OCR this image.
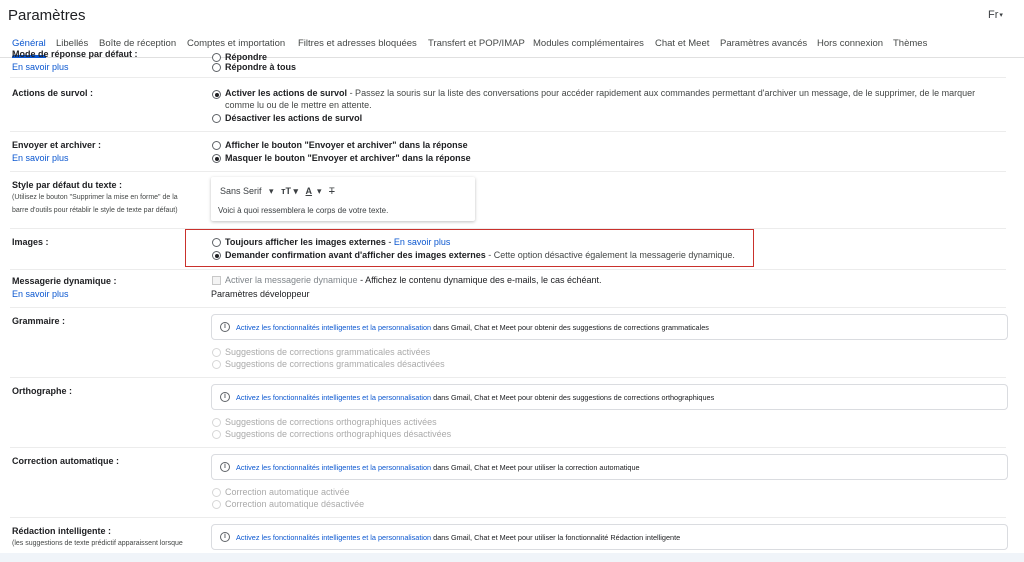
Paramètres	Fr▾
Général Libellés Boîte de réception Comptes et importation Filtres et adresses bloquées Transfert et POP/IMAP Modules complémentaires Chat et Meet Paramètres avancés Hors connexion Thèmes
Mode de réponse par défaut :
En savoir plus
Répondre
Répondre à tous
Actions de survol :	Activer les actions de survol - Passez la souris sur la liste des conversations pour accéder rapidement aux commandes permettant d'archiver un message, de le supprimer, de le marquer
comme lu ou de le mettre en attente.
Désactiver les actions de survol
Envoyer et archiver :
En savoir plus
Afficher le bouton "Envoyer et archiver" dans la réponse
Masquer le bouton "Envoyer et archiver" dans la réponse
Style par défaut du texte :
(Utilisez le bouton "Supprimer la mise en forme" de la
barre d'outils pour rétablir le style de texte par défaut)
Sans Serif ▾ тT ▾ A ▾ T
Voici à quoi ressemblera le corps de votre texte.
Images :	Toujours afficher les images externes - En savoir plus
Demander confirmation avant d'afficher des images externes - Cette option désactive également la messagerie dynamique.
Messagerie dynamique :
En savoir plus
Activer la messagerie dynamique - Affichez le contenu dynamique des e-mails, le cas échéant.
Paramètres développeur
Grammaire :
i	Activez les fonctionnalités intelligentes et la personnalisation dans Gmail, Chat et Meet pour obtenir des suggestions de corrections grammaticales
Suggestions de corrections grammaticales activées
Suggestions de corrections grammaticales désactivées
Orthographe :
i	Activez les fonctionnalités intelligentes et la personnalisation dans Gmail, Chat et Meet pour obtenir des suggestions de corrections orthographiques
Suggestions de corrections orthographiques activées
Suggestions de corrections orthographiques désactivées
Correction automatique :
i	Activez les fonctionnalités intelligentes et la personnalisation dans Gmail, Chat et Meet pour utiliser la correction automatique
Correction automatique activée
Correction automatique désactivée
Rédaction intelligente :
(les suggestions de texte prédictif apparaissent lorsque
i	Activez les fonctionnalités intelligentes et la personnalisation dans Gmail, Chat et Meet pour utiliser la fonctionnalité Rédaction intelligente
